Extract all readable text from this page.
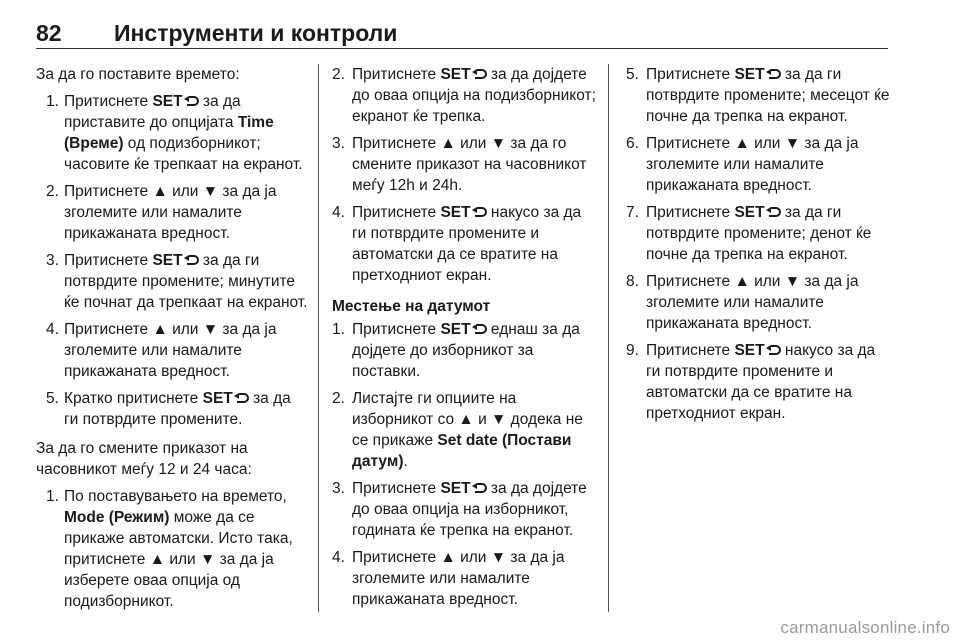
82 Инструменти и контроли

За да го поставите времето:

1. Притиснете SET за да приставите до опцијата Time (Време) од подизборникот; часовите ќе трепкаат на екранот.
2. Притиснете ▲ или ▼ за да ја зголемите или намалите прикажаната вредност.
3. Притиснете SET за да ги потврдите промените; минутите ќе почнат да трепкаат на екранот.
4. Притиснете ▲ или ▼ за да ја зголемите или намалите прикажаната вредност.
5. Кратко притиснете SET за да ги потврдите промените.

За да го смените приказот на часовникот меѓу 12 и 24 часа:

1. По поставувањето на времето, Mode (Режим) може да се прикаже автоматски. Исто така, притиснете ▲ или ▼ за да ја изберете оваа опција од подизборникот.
2. Притиснете SET за да дојдете до оваа опција на подизборникот; екранот ќе трепка.
3. Притиснете ▲ или ▼ за да го смените приказот на часовникот меѓу 12h и 24h.
4. Притиснете SET накусо за да ги потврдите промените и автоматски да се вратите на претходниот екран.
Местење на датумот
1. Притиснете SET еднаш за да дојдете до изборникот за поставки.
2. Листајте ги опциите на изборникот со ▲ и ▼ додека не се прикаже Set date (Постави датум).
3. Притиснете SET за да дојдете до оваа опција на изборникот, годината ќе трепка на екранот.
4. Притиснете ▲ или ▼ за да ја зголемите или намалите прикажаната вредност.
5. Притиснете SET за да ги потврдите промените; месецот ќе почне да трепка на екранот.
6. Притиснете ▲ или ▼ за да ја зголемите или намалите прикажаната вредност.
7. Притиснете SET за да ги потврдите промените; денот ќе почне да трепка на екранот.
8. Притиснете ▲ или ▼ за да ја зголемите или намалите прикажаната вредност.
9. Притиснете SET накусо за да ги потврдите промените и автоматски да се вратите на претходниот екран.
carmanualsonline.info
